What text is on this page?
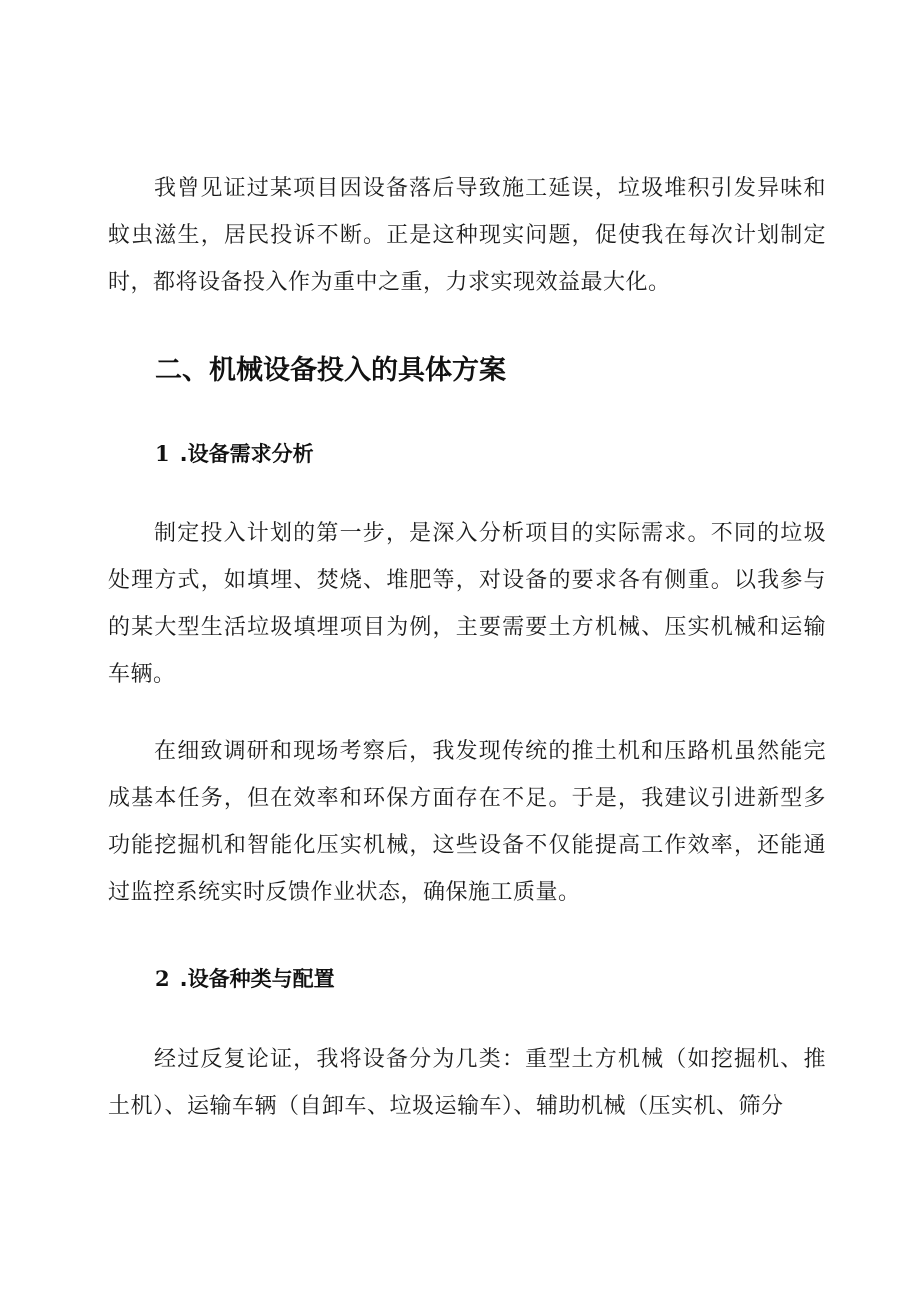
我曾见证过某项目因设备落后导致施工延误，垃圾堆积引发异味和蚊虫滋生，居民投诉不断。正是这种现实问题，促使我在每次计划制定时，都将设备投入作为重中之重，力求实现效益最大化。

二、机械设备投入的具体方案
1 .设备需求分析

制定投入计划的第一步，是深入分析项目的实际需求。不同的垃圾处理方式，如填埋、焚烧、堆肥等，对设备的要求各有侧重。以我参与的某大型生活垃圾填埋项目为例，主要需要土方机械、压实机械和运输车辆。

在细致调研和现场考察后，我发现传统的推土机和压路机虽然能完成基本任务，但在效率和环保方面存在不足。于是，我建议引进新型多功能挖掘机和智能化压实机械，这些设备不仅能提高工作效率，还能通过监控系统实时反馈作业状态，确保施工质量。

2 .设备种类与配置

经过反复论证，我将设备分为几类：重型土方机械（如挖掘机、推土机）、运输车辆（自卸车、垃圾运输车）、辅助机械（压实机、筛分
